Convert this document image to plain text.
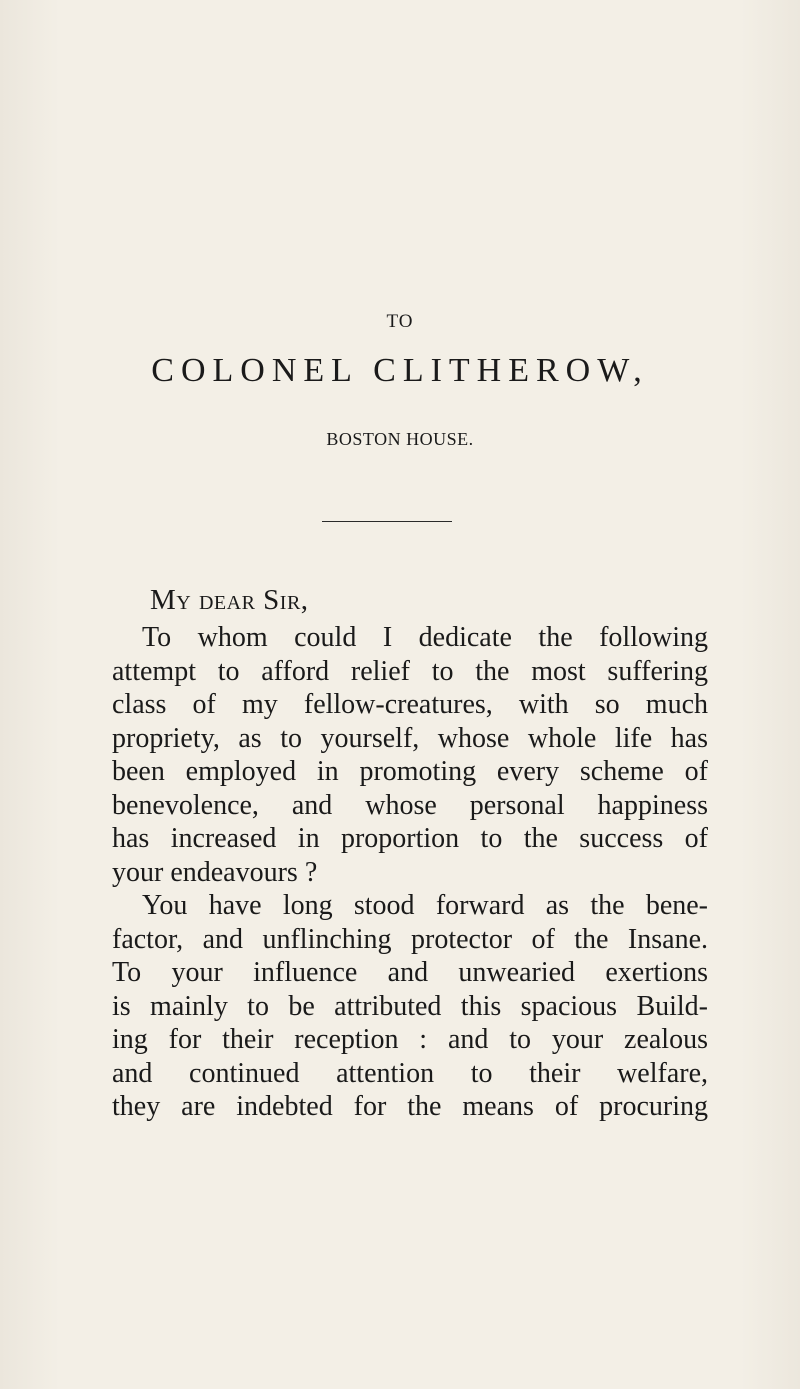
TO
COLONEL CLITHEROW,
BOSTON HOUSE.
My dear Sir,
To whom could I dedicate the following
attempt to afford relief to the most suffering
class of my fellow-creatures, with so much
propriety, as to yourself, whose whole life has
been employed in promoting every scheme of
benevolence, and whose personal happiness
has increased in proportion to the success of
your endeavours ?
You have long stood forward as the bene-
factor, and unflinching protector of the Insane.
To your influence and unwearied exertions
is mainly to be attributed this spacious Build-
ing for their reception : and to your zealous
and continued attention to their welfare,
they are indebted for the means of procuring
